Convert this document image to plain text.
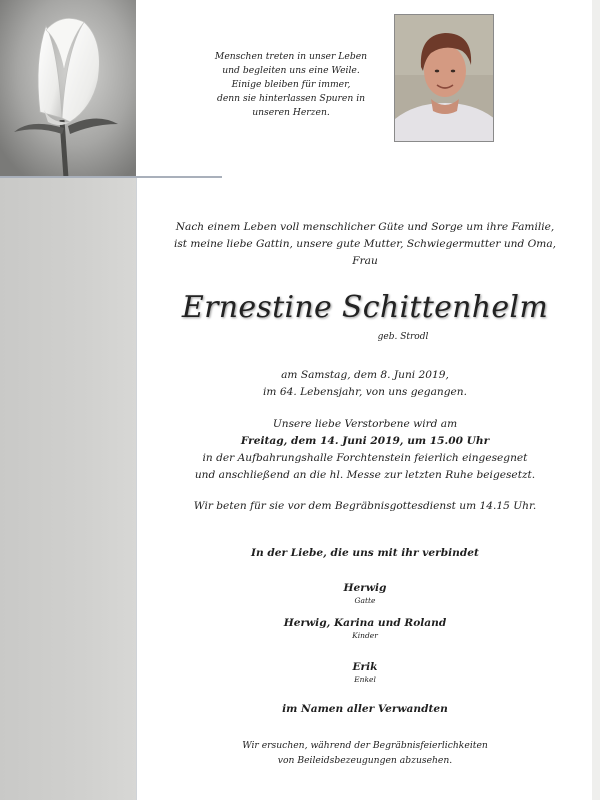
Menschen treten in unser Leben
und begleiten uns eine Weile.
Einige bleiben für immer,
denn sie hinterlassen Spuren in
unseren Herzen.
Nach einem Leben voll menschlicher Güte und Sorge um ihre Familie,
ist meine liebe Gattin, unsere gute Mutter, Schwiegermutter und Oma,
Frau
Ernestine Schittenhelm
geb. Strodl
am Samstag, dem 8. Juni 2019,
im 64. Lebensjahr, von uns gegangen.
Unsere liebe Verstorbene wird am
Freitag, dem 14. Juni 2019, um 15.00 Uhr
in der Aufbahrungshalle Forchtenstein feierlich eingesegnet
und anschließend an die hl. Messe zur letzten Ruhe beigesetzt.
Wir beten für sie vor dem Begräbnisgottesdienst um 14.15 Uhr.
In der Liebe, die uns mit ihr verbindet
Herwig
Gatte
Herwig, Karina und Roland
Kinder
Erik
Enkel
im Namen aller Verwandten
Wir ersuchen, während der Begräbnisfeierlichkeiten
von Beileidsbezeugungen abzusehen.
